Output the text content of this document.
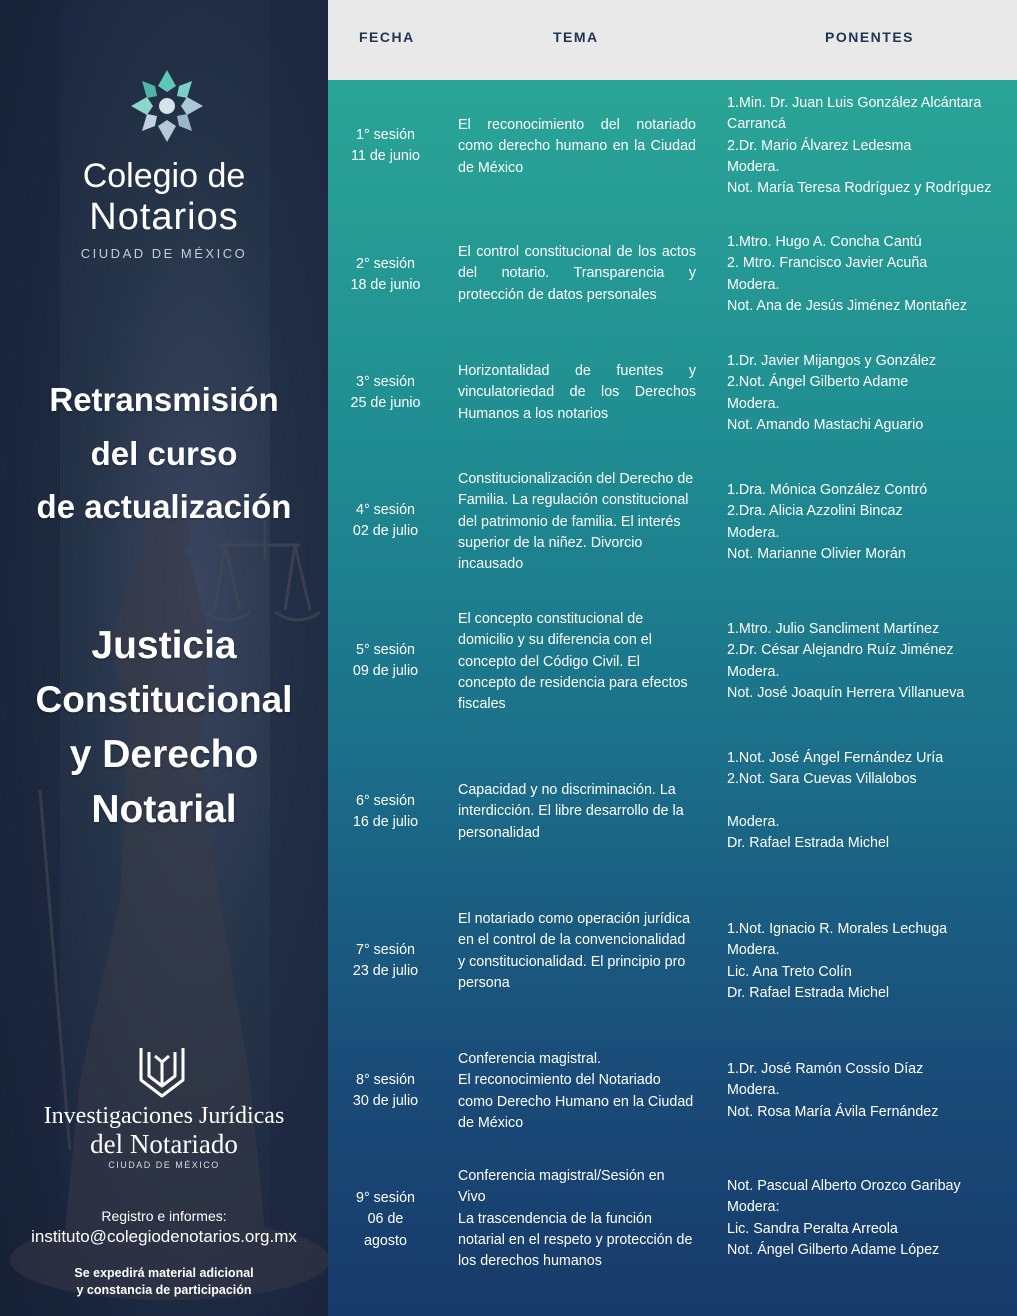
Colegio de
Notarios
CIUDAD DE MÉXICO
Retransmisión
del curso
de actualización
Justicia
Constitucional
y Derecho
Notarial
Investigaciones Jurídicas
del Notariado
CIUDAD DE MÉXICO
Registro e informes:
instituto@colegiodenotarios.org.mx
Se expedirá material adicional
y constancia de participación
FECHA	TEMA	PONENTES
1° sesión
11 de junio
El reconocimiento del notariado como derecho humano en la Ciudad de México
1.Min. Dr. Juan Luis González Alcántara Carrancá
2.Dr. Mario Álvarez Ledesma
Modera.
Not. María Teresa Rodríguez y Rodríguez
2° sesión
18 de junio
El control constitucional de los actos del notario. Transparencia y protección de datos personales
1.Mtro. Hugo A. Concha Cantú
2. Mtro. Francisco Javier Acuña
Modera.
Not. Ana de Jesús Jiménez Montañez
3° sesión
25 de junio
Horizontalidad de fuentes y vinculatoriedad de los Derechos Humanos a los notarios
1.Dr. Javier Mijangos y González
2.Not. Ángel Gilberto Adame
Modera.
Not. Amando Mastachi Aguario
4° sesión
02 de julio
Constitucionalización del Derecho de Familia. La regulación constitucional del patrimonio de familia. El interés superior de la niñez. Divorcio incausado
1.Dra. Mónica González Contró
2.Dra. Alicia Azzolini Bincaz
Modera.
Not. Marianne Olivier Morán
5° sesión
09 de julio
El concepto constitucional de domicilio y su diferencia con el concepto del Código Civil. El concepto de residencia para efectos fiscales
1.Mtro. Julio Sancliment Martínez
2.Dr. César Alejandro Ruíz Jiménez
Modera.
Not. José Joaquín Herrera Villanueva
6° sesión
16 de julio
Capacidad y no discriminación. La interdicción. El libre desarrollo de la personalidad
1.Not. José Ángel Fernández Uría
2.Not. Sara Cuevas Villalobos

Modera.
Dr. Rafael Estrada Michel
7° sesión
23 de julio
El notariado como operación jurídica en el control de la convencionalidad y constitucionalidad. El principio pro persona
1.Not. Ignacio R. Morales Lechuga
Modera.
Lic. Ana Treto Colín
Dr. Rafael Estrada Michel
8° sesión
30 de julio
Conferencia magistral.
El reconocimiento del Notariado como Derecho Humano en la Ciudad de México
1.Dr. José Ramón Cossío Díaz
Modera.
Not. Rosa María Ávila Fernández
9° sesión
06 de
agosto
Conferencia magistral/Sesión en Vivo
La trascendencia de la función notarial en el respeto y protección de los derechos humanos
Not. Pascual Alberto Orozco Garibay
Modera:
Lic. Sandra Peralta Arreola
Not. Ángel Gilberto Adame López
